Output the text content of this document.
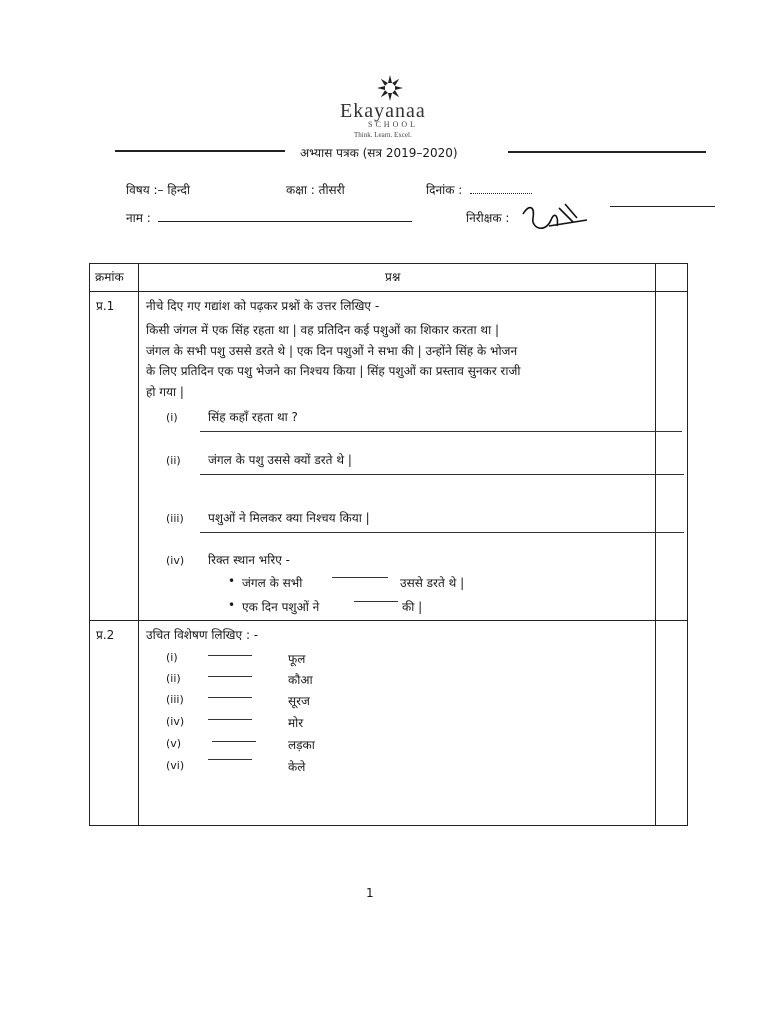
Ekayanaa
SCHOOL
Think. Learn. Excel.
अभ्यास पत्रक (सत्र 2019–2020)
विषय :– हिन्दी	कक्षा : तीसरी	दिनांक :
नाम :	निरीक्षक :
क्रमांक	प्रश्न
प्र.1	नीचे दिए गए गद्यांश को पढ़कर प्रश्नों के उत्तर लिखिए -
किसी जंगल में एक सिंह रहता था | वह प्रतिदिन कई पशुओं का शिकार करता था |
जंगल के सभी पशु उससे डरते थे | एक दिन पशुओं ने सभा की | उन्होंने सिंह के भोजन
के लिए प्रतिदिन एक पशु भेजने का निश्चय किया | सिंह पशुओं का प्रस्ताव सुनकर राजी
हो गया |
(i)	सिंह कहाँ रहता था ?
(ii) जंगल के पशु उससे क्यों डरते थे |
(iii) पशुओं ने मिलकर क्या निश्चय किया |
(iv) रिक्त स्थान भरिए -
• जंगल के सभी	उससे डरते थे |
• एक दिन पशुओं ने	की |
प्र.2	उचित विशेषण लिखिए : -
(i)	फूल
(ii)	कौआ
(iii)	सूरज
(iv)	मोर
(v)	लड़का
(vi)	केले
1
